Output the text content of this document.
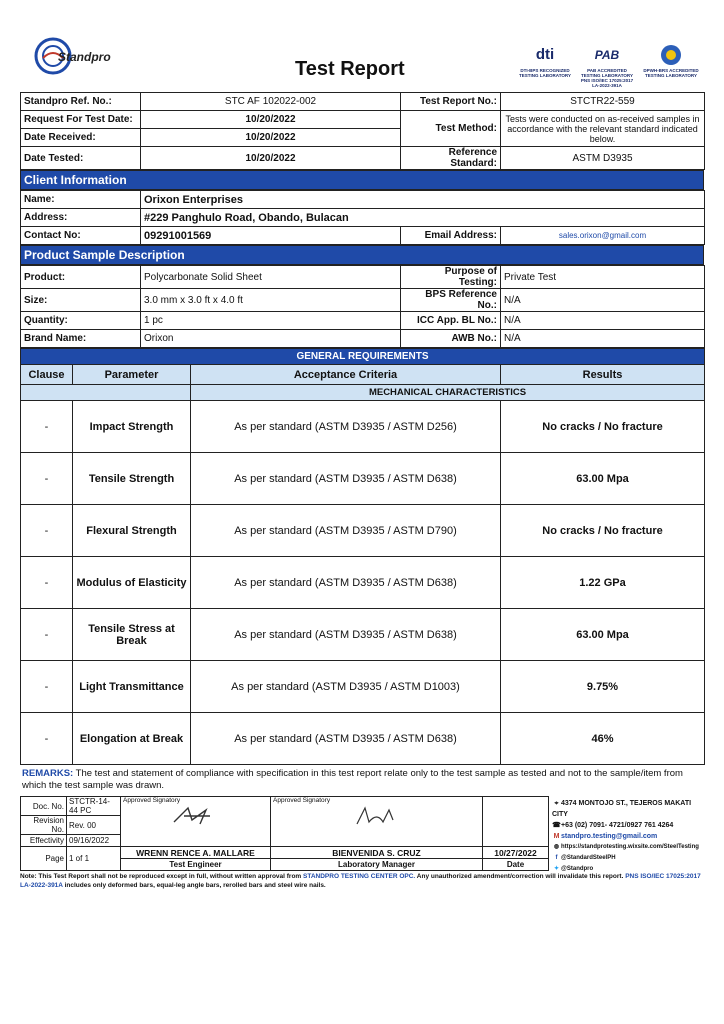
Standpro
Test Report
dti
DTI-BPS RECOGNIZED TESTING LABORATORY
PAB
PAB ACCREDITED TESTING LABORATORY PNS ISO/IEC 17025:2017 LA-2022-391A
DPWH-BRS ACCREDITED TESTING LABORATORY
Standpro Ref. No.:	STC AF 102022-002	Test Report No.:	STCTR22-559
Request For Test Date:	10/20/2022	Test Method:	Tests were conducted on as-received samples in accordance with the relevant standard indicated below.
Date Received:	10/20/2022		
Date Tested:	10/20/2022	Reference Standard:	ASTM D3935
Client Information
Name:	Orixon Enterprises		
Address:	#229 Panghulo Road, Obando, Bulacan		
Contact No:	09291001569	Email Address:	sales.orixon@gmail.com
Product Sample Description
Product:	Polycarbonate Solid Sheet	Purpose of Testing:	Private Test
Size:	3.0 mm x 3.0 ft x 4.0 ft	BPS Reference No.:	N/A
Quantity:	1 pc	ICC App. BL No.:	N/A
Brand Name:	Orixon	AWB No.:	N/A
GENERAL REQUIREMENTS			
Clause	Parameter	Acceptance Criteria	Results
		MECHANICAL CHARACTERISTICS	
-	Impact Strength	As per standard (ASTM D3935 / ASTM D256)	No cracks / No fracture
-	Tensile Strength	As per standard (ASTM D3935 / ASTM D638)	63.00 Mpa
-	Flexural Strength	As per standard (ASTM D3935 / ASTM D790)	No cracks / No fracture
-	Modulus of Elasticity	As per standard (ASTM D3935 / ASTM D638)	1.22 GPa
-	Tensile Stress at Break	As per standard (ASTM D3935 / ASTM D638)	63.00 Mpa
-	Light Transmittance	As per standard (ASTM D3935 / ASTM D1003)	9.75%
-	Elongation at Break	As per standard (ASTM D3935 / ASTM D638)	46%
REMARKS: The test and statement of compliance with specification in this test report relate only to the test sample as tested and not to the sample/item from which the test sample was drawn.
Doc. No.	STCTR-14-44 PC	Approved Signatory	Approved Signatory

Revision No.	Rev. 00			
Effectivity	09/16/2022			
Page	1 of 1	WRENN RENCE A. MALLARE	BIENVENIDA S. CRUZ	10/27/2022
		Test Engineer	Laboratory Manager	Date
⌖ 4374 MONTOJO ST., TEJEROS MAKATI CITY
☎+63 (02) 7091- 4721/0927 761 4264
M standpro.testing@gmail.com
◍ https://standprotesting.wixsite.com/SteelTesting
f @StandardSteelPH
✦ @Standpro
Note: This Test Report shall not be reproduced except in full, without written approval from STANDPRO TESTING CENTER OPC. Any unauthorized amendment/correction will invalidate this report. PNS ISO/IEC 17025:2017 LA-2022-391A includes only deformed bars, equal-leg angle bars, rerolled bars and steel wire nails.
